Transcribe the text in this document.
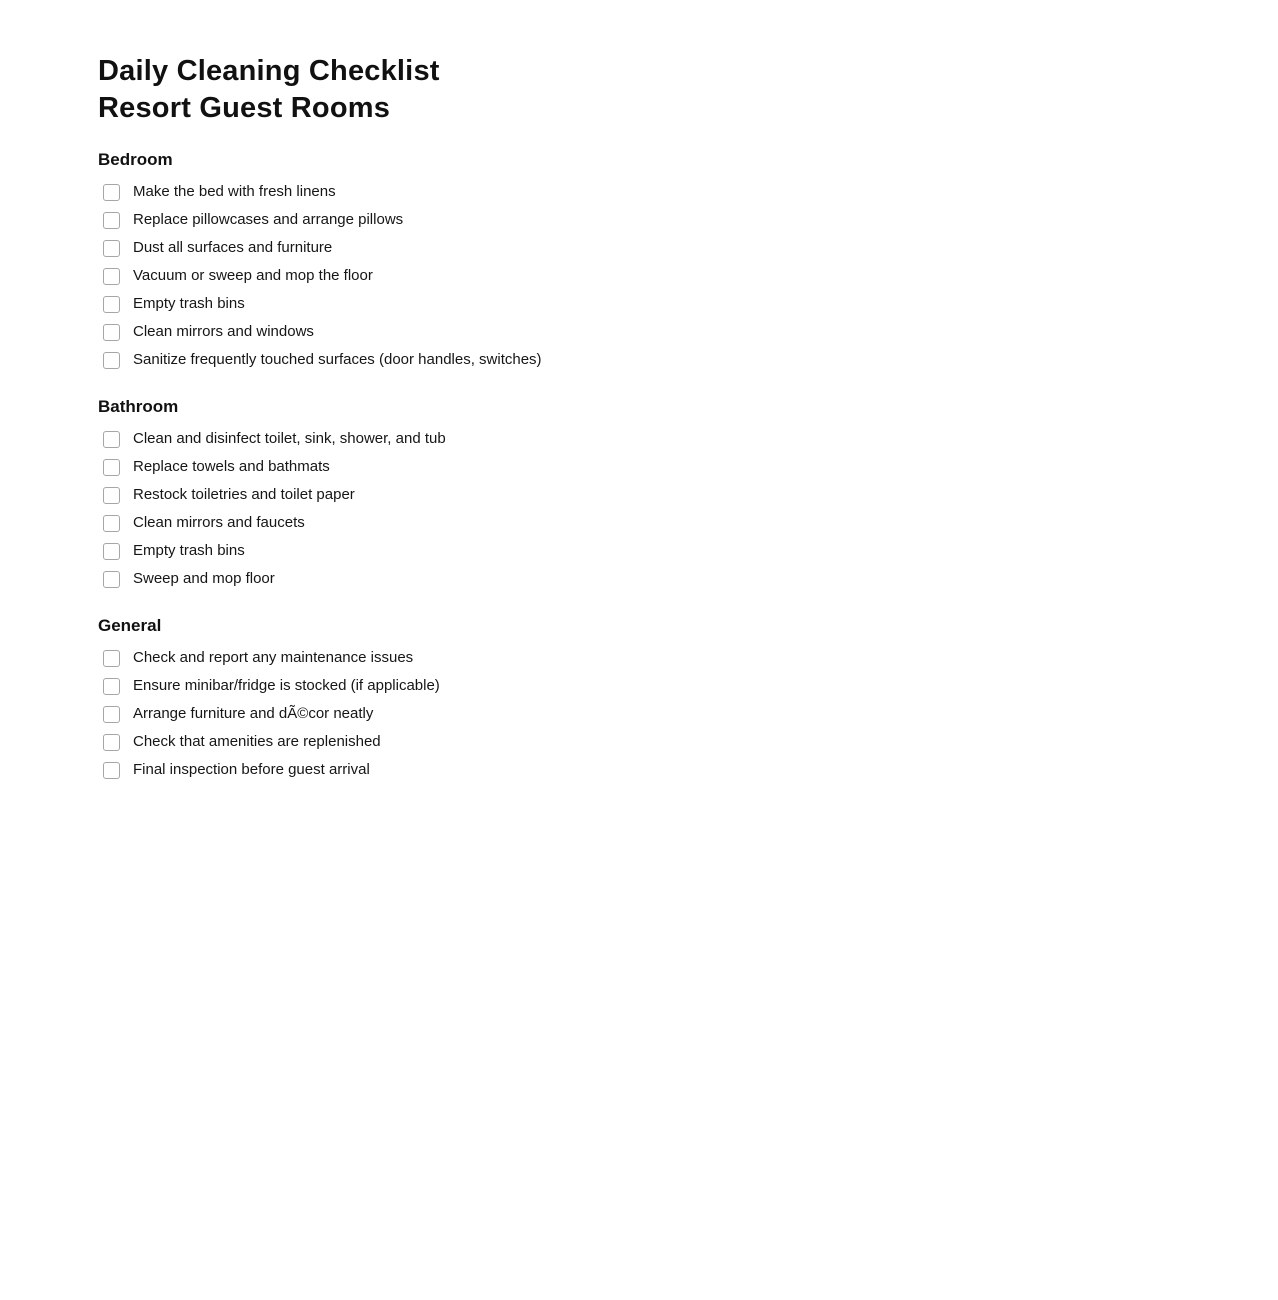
Daily Cleaning Checklist
Resort Guest Rooms
Bedroom
Make the bed with fresh linens
Replace pillowcases and arrange pillows
Dust all surfaces and furniture
Vacuum or sweep and mop the floor
Empty trash bins
Clean mirrors and windows
Sanitize frequently touched surfaces (door handles, switches)
Bathroom
Clean and disinfect toilet, sink, shower, and tub
Replace towels and bathmats
Restock toiletries and toilet paper
Clean mirrors and faucets
Empty trash bins
Sweep and mop floor
General
Check and report any maintenance issues
Ensure minibar/fridge is stocked (if applicable)
Arrange furniture and dÃ©cor neatly
Check that amenities are replenished
Final inspection before guest arrival
